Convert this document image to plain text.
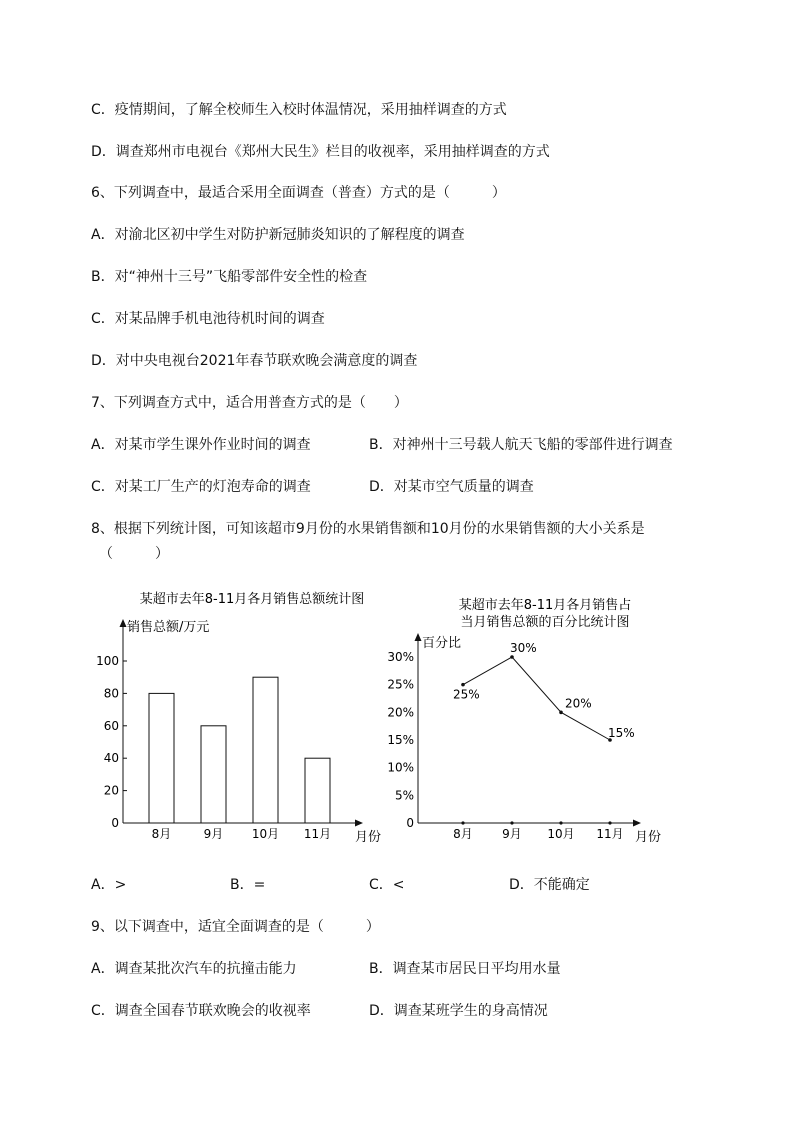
C．疫情期间，了解全校师生入校时体温情况，采用抽样调查的方式
D．调查郑州市电视台《郑州大民生》栏目的收视率，采用抽样调查的方式
6、下列调查中，最适合采用全面调查（普查）方式的是（　　　）
A．对渝北区初中学生对防护新冠肺炎知识的了解程度的调查
B．对“神州十三号”飞船零部件安全性的检查
C．对某品牌手机电池待机时间的调查
D．对中央电视台2021年春节联欢晚会满意度的调查
7、下列调查方式中，适合用普查方式的是（　　）
A．对某市学生课外作业时间的调查	B．对神州十三号载人航天飞船的零部件进行调查
C．对某工厂生产的灯泡寿命的调查	D．对某市空气质量的调查
8、根据下列统计图，可知该超市9月份的水果销售额和10月份的水果销售额的大小关系是
（　　　）
某超市去年8-11月各月销售总额统计图
销售总额/万元
月份
0
20
40
60
80
100
8月	9月 10月 11月
某超市去年8-11月各月销售占
当月销售总额的百分比统计图
百分比
月份
0
5%
10%
15%
20%
25%
30%
25%
30%
20%
15%
8月 9月 10月 11月
A．>	B．=	C．<	D．不能确定
9、以下调查中，适宜全面调查的是（　　　）
A．调查某批次汽车的抗撞击能力	B．调查某市居民日平均用水量
C．调查全国春节联欢晚会的收视率	D．调查某班学生的身高情况
